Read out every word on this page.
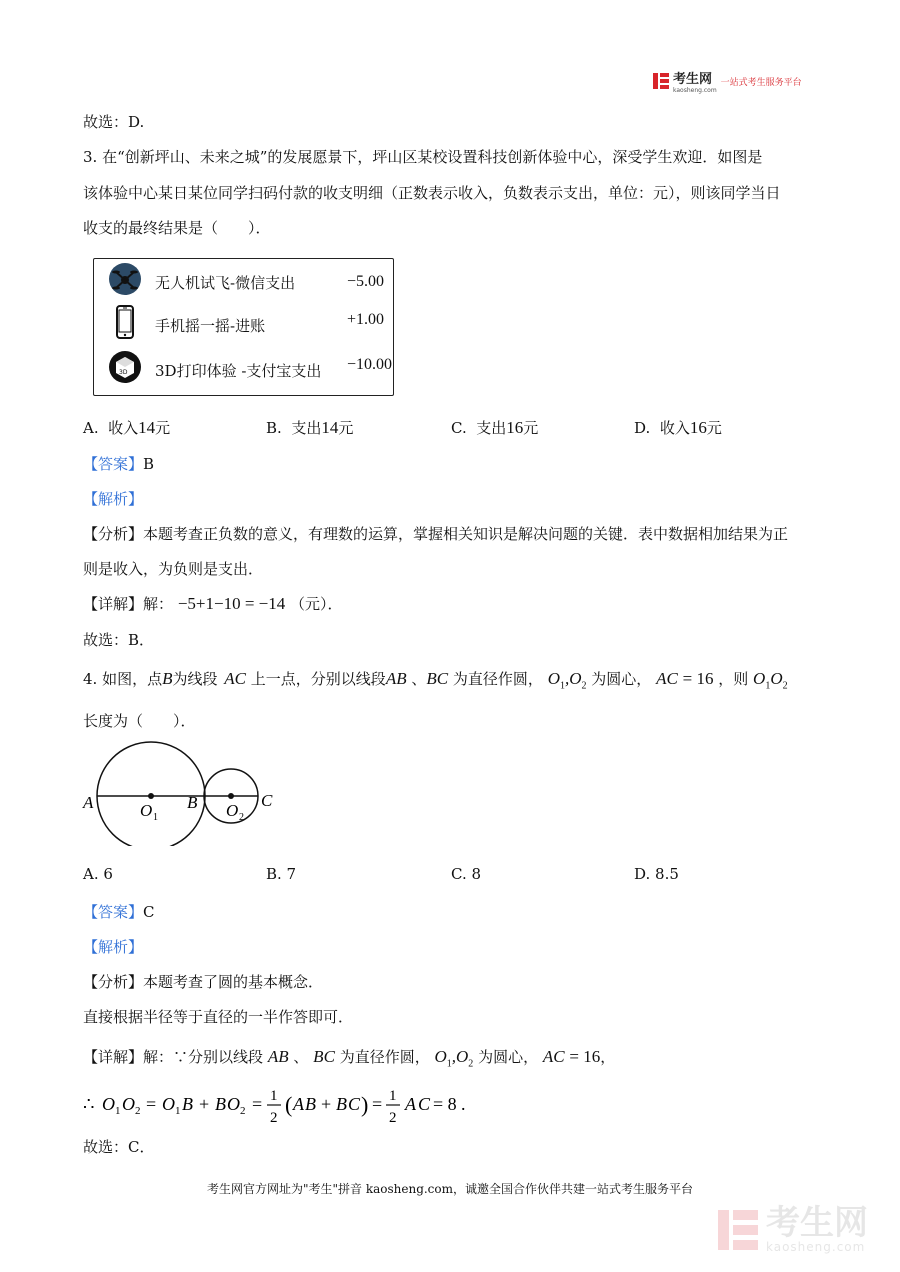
考生网
kaosheng.com
一站式考生服务平台
故选：D.
3. 在“创新坪山、未来之城”的发展愿景下，坪山区某校设置科技创新体验中心，深受学生欢迎．如图是
该体验中心某日某位同学扫码付款的收支明细（正数表示收入，负数表示支出，单位：元），则该同学当日
收支的最终结果是（　　）．
无人机试飞-微信支出	−5.00
手机摇一摇-进账	+1.00
3D 3D打印体验 -支付宝支出 −10.00
A. 收入14元	B. 支出14元	C. 支出16元	D. 收入16元
【答案】B
【解析】
【分析】本题考查正负数的意义，有理数的运算，掌握相关知识是解决问题的关键．表中数据相加结果为正
则是收入，为负则是支出．
【详解】解： −5+1−10 = −14 （元）．
故选：B．
4. 如图，点B为线段 AC 上一点，分别以线段AB 、BC 为直径作圆， $O_1,O_2$ 为圆心， AC = 16 ，则 $O_1O_2$
长度为（　　）．
A	B	C
O 1	O 2
A. 6	B. 7	C. 8	D. 8.5
【答案】C
【解析】
【分析】本题考查了圆的基本概念．
直接根据半径等于直径的一半作答即可．
【详解】解：∵分别以线段 AB 、 BC 为直径作圆， $O_1,O_2$ 为圆心， AC = 16，
∴ O 1 O 2 = O 1 B + B O 2 = 1
2
( A B + B C ) = 1
2
A C = 8 .
故选：C．
考生网官方网址为"考生"拼音 kaosheng.com，诚邀全国合作伙伴共建一站式考生服务平台
考生网
kaosheng.com
